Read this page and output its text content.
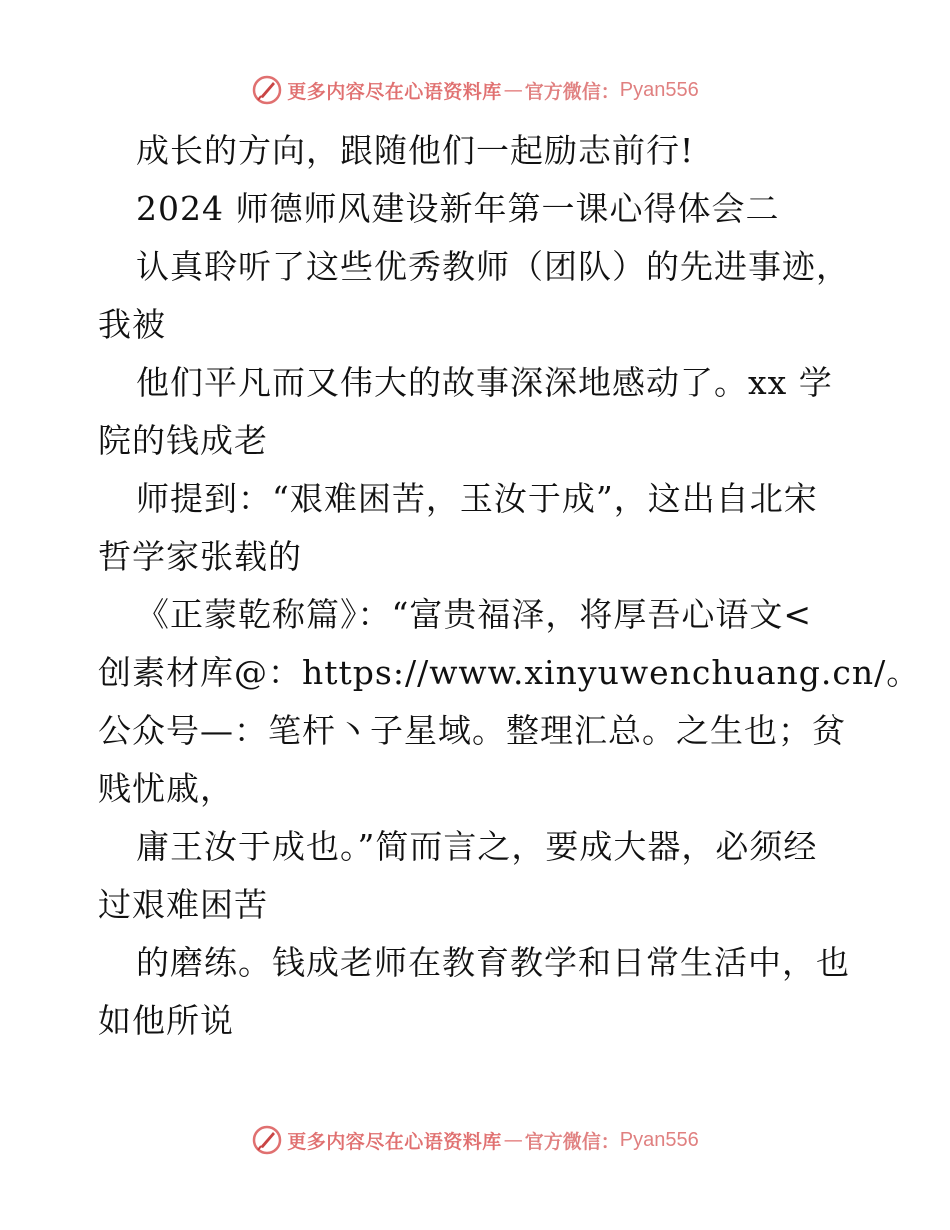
更多内容尽在心语资料库 — 官方微信： Pyan556
成长的方向，跟随他们一起励志前行!
2024 师德师风建设新年第一课心得体会二
认真聆听了这些优秀教师（团队）的先进事迹，
我被
他们平凡而又伟大的故事深深地感动了。xx 学
院的钱成老
师提到：“艰难困苦，玉汝于成”，这出自北宋
哲学家张载的
《正蒙乾称篇》：“富贵福泽，将厚吾心语文<
创素材库@：https://www.xinyuwenchuang.cn/。
公众号—：笔杆丶子星域。整理汇总。之生也；贫
贱忧戚，
庸王汝于成也。”简而言之，要成大器，必须经
过艰难困苦
的磨练。钱成老师在教育教学和日常生活中，也
如他所说
更多内容尽在心语资料库 — 官方微信： Pyan556
